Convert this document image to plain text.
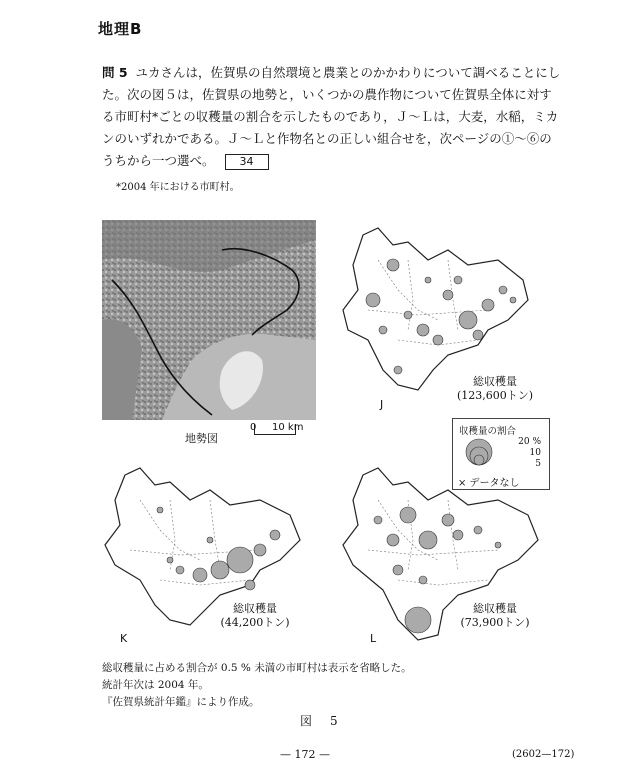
地理B
問 5 ユカさんは，佐賀県の自然環境と農業とのかかわりについて調べることにした。次の図５は，佐賀県の地勢と，いくつかの農作物について佐賀県全体に対する市町村*ごとの収穫量の割合を示したものであり，Ｊ～Ｌは，大麦，水稲，ミカンのいずれかである。Ｊ～Ｌと作物名との正しい組合せを，次ページの①～⑥のうちから一つ選べ。 34
*2004 年における市町村。
地勢図
0 10 km
総収穫量
(123,600トン)
J
収穫量の割合
20 %
10
5
× データなし
総収穫量
(44,200トン)
K
総収穫量
(73,900トン)
L
総収穫量に占める割合が 0.5 % 未満の市町村は表示を省略した。
統計年次は 2004 年。
『佐賀県統計年鑑』により作成。
図　5
— 172 —	(2602—172)
